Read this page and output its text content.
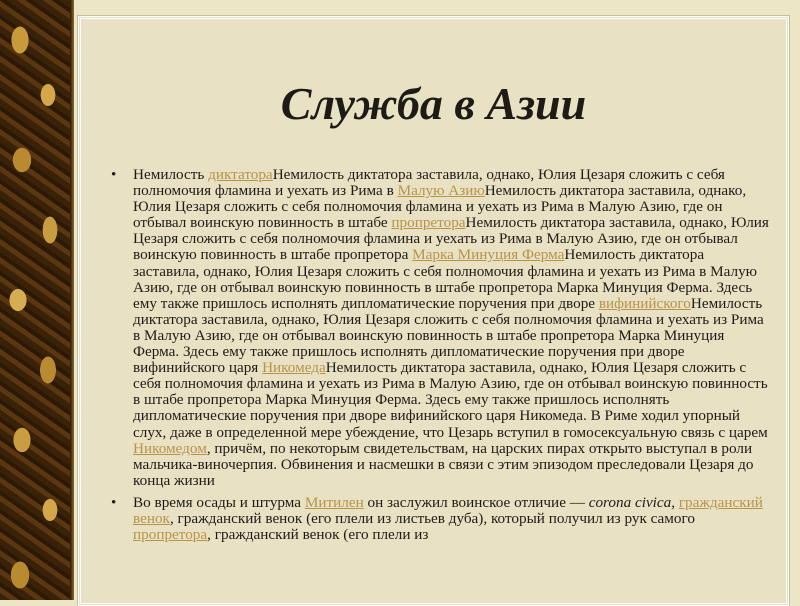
Служба в Азии
• Немилость диктатораНемилость диктатора заставила, однако, Юлия Цезаря сложить с себя полномочия фламина и уехать из Рима в Малую АзиюНемилость диктатора заставила, однако, Юлия Цезаря сложить с себя полномочия фламина и уехать из Рима в Малую Азию, где он отбывал воинскую повинность в штабе пропретораНемилость диктатора заставила, однако, Юлия Цезаря сложить с себя полномочия фламина и уехать из Рима в Малую Азию, где он отбывал воинскую повинность в штабе пропретора Марка Минуция ФермаНемилость диктатора заставила, однако, Юлия Цезаря сложить с себя полномочия фламина и уехать из Рима в Малую Азию, где он отбывал воинскую повинность в штабе пропретора Марка Минуция Ферма. Здесь ему также пришлось исполнять дипломатические поручения при дворе вифинийскогоНемилость диктатора заставила, однако, Юлия Цезаря сложить с себя полномочия фламина и уехать из Рима в Малую Азию, где он отбывал воинскую повинность в штабе пропретора Марка Минуция Ферма. Здесь ему также пришлось исполнять дипломатические поручения при дворе вифинийского царя НикомедаНемилость диктатора заставила, однако, Юлия Цезаря сложить с себя полномочия фламина и уехать из Рима в Малую Азию, где он отбывал воинскую повинность в штабе пропретора Марка Минуция Ферма. Здесь ему также пришлось исполнять дипломатические поручения при дворе вифинийского царя Никомеда. В Риме ходил упорный слух, даже в определенной мере убеждение, что Цезарь вступил в гомосексуальную связь с царем Никомедом, причём, по некоторым свидетельствам, на царских пирах открыто выступал в роли мальчика-виночерпия. Обвинения и насмешки в связи с этим эпизодом преследовали Цезаря до конца жизни
• Во время осады и штурма Митилен он заслужил воинское отличие — corona civica, гражданский венок, гражданский венок (его плели из листьев дуба), который получил из рук самого пропретора, гражданский венок (его плели из
